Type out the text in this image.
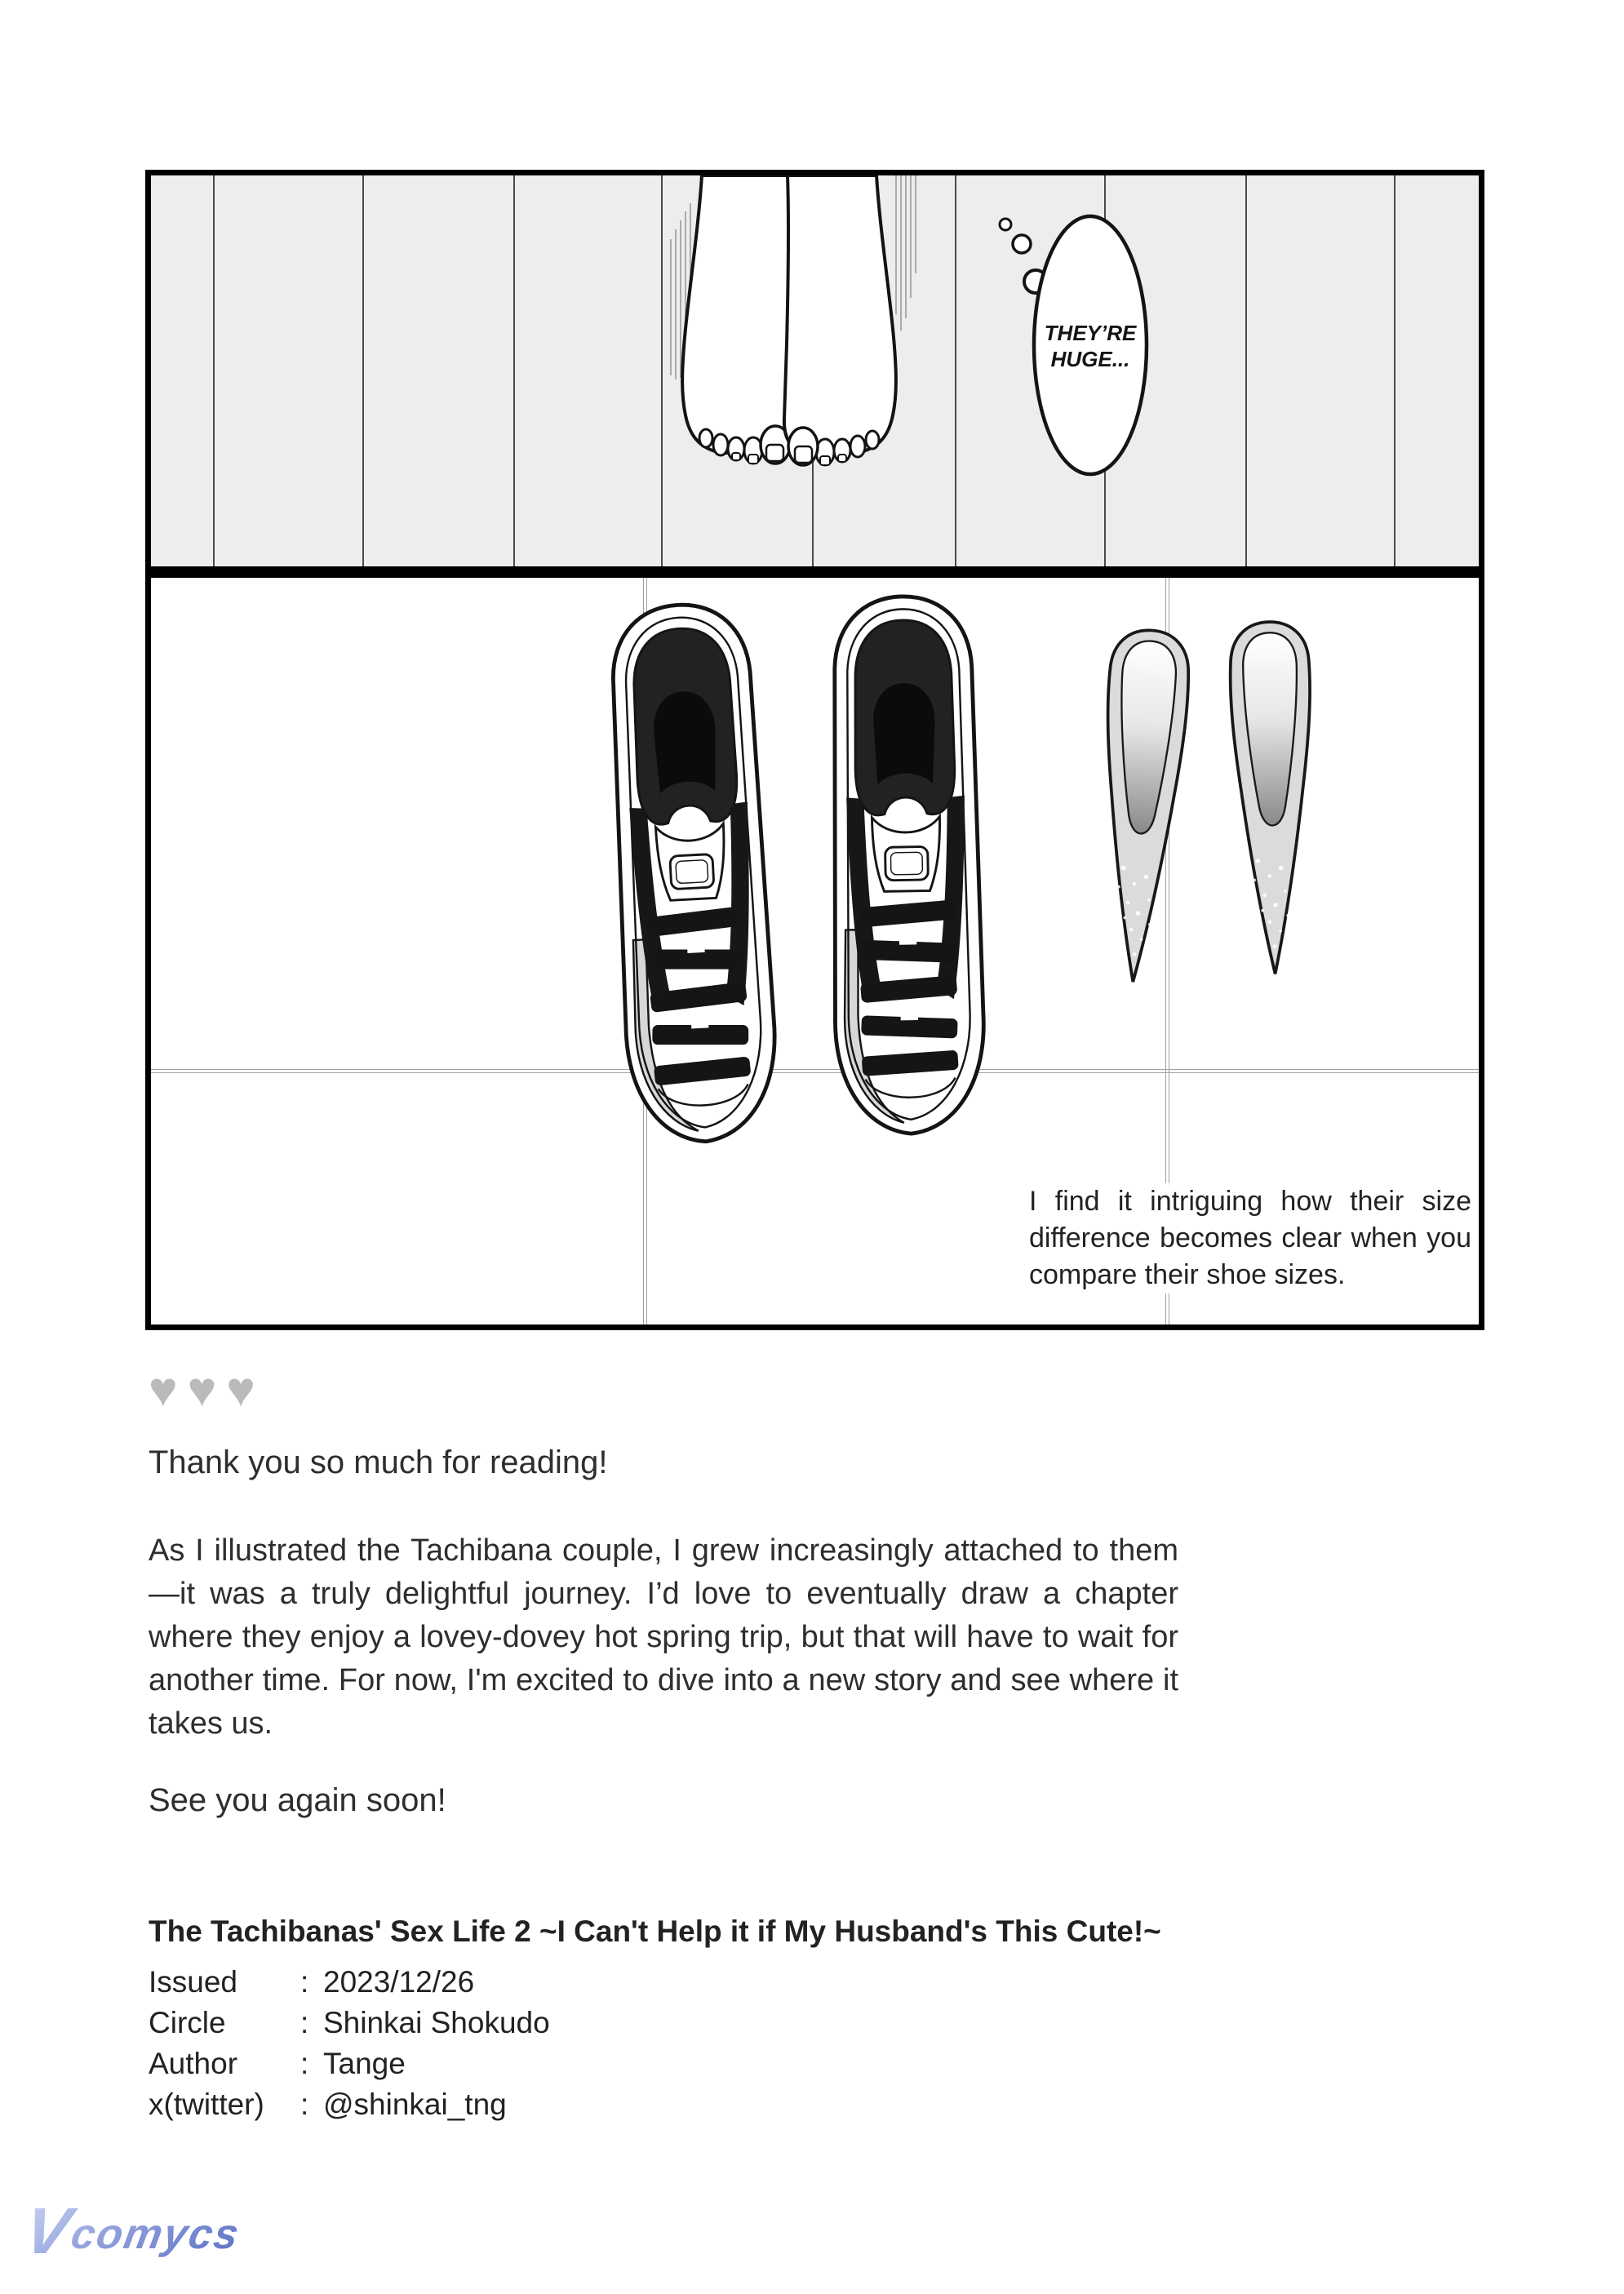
THEY’RE
HUGE...
I find it intriguing how their size difference becomes clear when you compare their shoe sizes.
♥♥♥
Thank you so much for reading!
As I illustrated the Tachibana couple, I grew increasingly attached to them—it was a truly delightful journey. I’d love to eventually draw a chapter where they enjoy a lovey-dovey hot spring trip, but that will have to wait for another time. For now, I'm excited to dive into a new story and see where it takes us.
See you again soon!
The Tachibanas' Sex Life 2 ~I Can't Help it if My Husband's This Cute!~
Issued	: 2023/12/26
Circle	: Shinkai Shokudo
Author	: Tange
x(twitter)	: @shinkai_tng
Vcomycs
